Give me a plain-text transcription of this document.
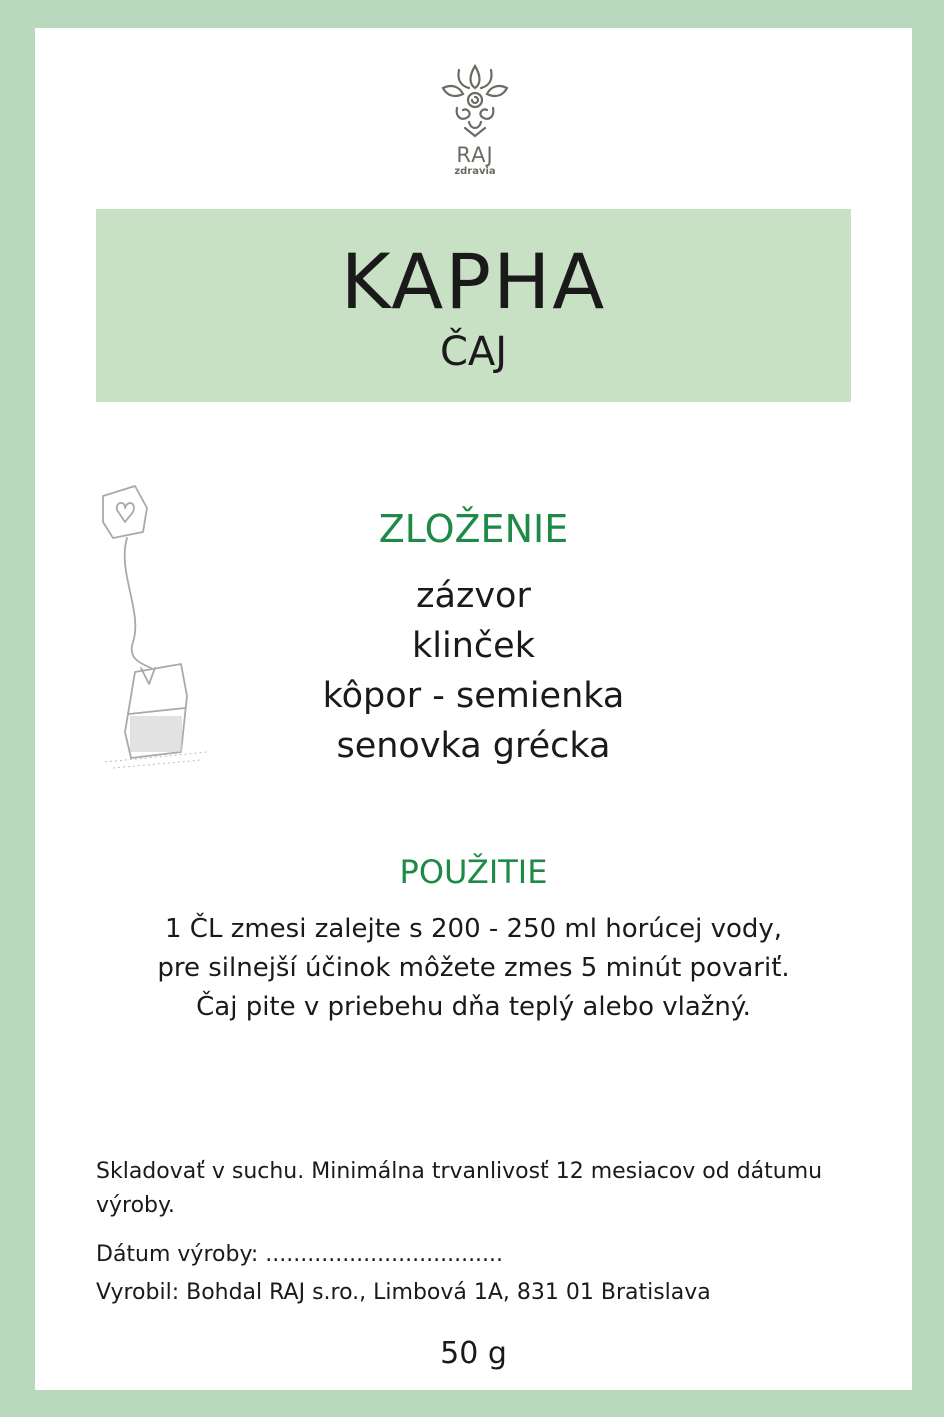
RAJ
zdravia
KAPHA
ČAJ
ZLOŽENIE
zázvor
klinček
kôpor - semienka
senovka grécka
POUŽITIE
1 ČL zmesi zalejte s 200 - 250 ml horúcej vody,
pre silnejší účinok môžete zmes 5 minút povariť.
Čaj pite v priebehu dňa teplý alebo vlažný.
Skladovať v suchu. Minimálna trvanlivosť 12 mesiacov od dátumu výroby.
Dátum výroby: ..................................
Vyrobil: Bohdal RAJ s.ro., Limbová 1A, 831 01 Bratislava
50 g
